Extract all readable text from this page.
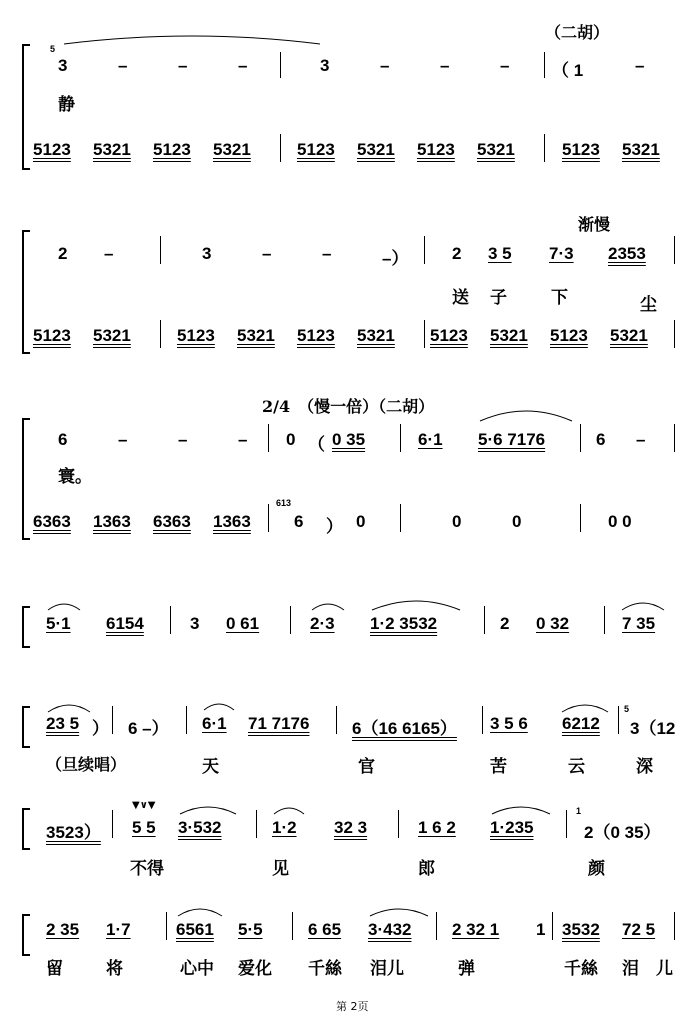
（二胡）
5
3	–	–	–	3	–	–	–	（ 1	–
静
5123 5321 5123 5321	5123 5321 5123 5321	5123 5321
渐慢
2 –	3	–	–	–）	2 3 5 7·3 2353
送 子	下	尘
5123 5321	5123 5321 5123 5321 5123 5321 5123 5321
2/4　（慢一倍）（二胡）
6	–	–	– 0 （ 0 35	6·1 5·6 7176	6 –
寰。
6363 1363 6363 1363
613
6 ） 0	0	0	0 0
5·1 6154	3 0 61	2·3 1·2 3532	2 0 32	7 35
23 5 ） 6 –） 6·1 71 7176	6（16 6165） 3 5 6 6212
5
3（12
（旦续唱）	天	官	苦	云	深
3523）
▼∨▼
5 5 3·532	1·2 32 3	1 6 2 1·235
1
2（0 35）
不得	见	郎	颜
2 35 1·7	6561 5·5	6 65 3·432 2 32 1 1 3532 72 5
留	将	心中 爱化 千絲 泪儿	弹	千絲 泪 儿
第 2页
